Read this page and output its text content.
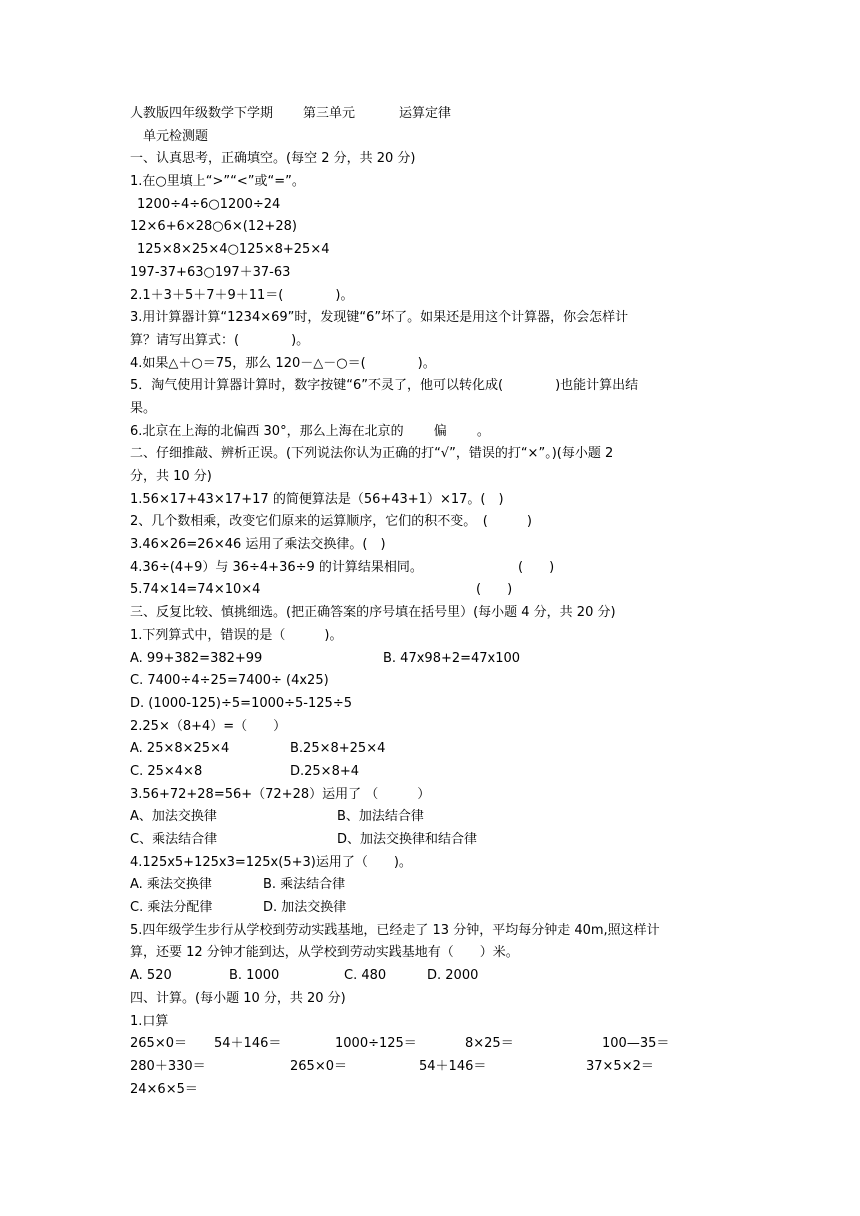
人教版四年级数学下学期 第三单元	运算定律
单元检测题
一、认真思考，正确填空。(每空 2 分，共 20 分)
1.在○里填上“>”“<”或“=”。
1200÷4÷6○1200÷24
12×6+6×28○6×(12+28)
125×8×25×4○125×8+25×4
197-37+63○197＋37-63
2.1＋3＋5＋7＋9＋11＝(　　　　)。
3.用计算器计算“1234×69”时，发现键“6”坏了。如果还是用这个计算器，你会怎样计
算？请写出算式：(　　　　)。
4.如果△＋○＝75，那么 120－△－○＝(　　　　)。
5．淘气使用计算器计算时，数字按键“6”不灵了，他可以转化成(　　　　)也能计算出结
果。
6.北京在上海的北偏西 30°，那么上海在北京的　　 偏　　 。
二、仔细推敲、辨析正误。(下列说法你认为正确的打“√”，错误的打“×”。)(每小题 2
分，共 10 分)
1.56×17+43×17+17 的简便算法是（56+43+1）×17。(　)
2、几个数相乘，改变它们原来的运算顺序，它们的积不变。　(　　　)
3.46×26=26×46 运用了乘法交换律。(　)
4.36÷(4+9）与 36÷4+36÷9 的计算结果相同。	(　　)
5.74×14=74×10×4	(　　)
三、反复比较、慎挑细选。(把正确答案的序号填在括号里）(每小题 4 分，共 20 分)
1.下列算式中，错误的是（　　　)。
A. 99+382=382+99	B. 47x98+2=47x100
C. 7400÷4÷25=7400÷ (4x25)
D. (1000-125)÷5=1000÷5-125÷5
2.25×（8+4）=（　　）
A. 25×8×25×4	B.25×8+25×4
C. 25×4×8	D.25×8+4
3.56+72+28=56+（72+28）运用了 （　　　）
A、加法交换律	B、加法结合律
C、乘法结合律	D、加法交换律和结合律
4.125x5+125x3=125x(5+3)运用了（　　)。
A. 乘法交换律	B. 乘法结合律
C. 乘法分配律	D. 加法交换律
5.四年级学生步行从学校到劳动实践基地，已经走了 13 分钟，平均每分钟走 40m,照这样计
算，还要 12 分钟才能到达，从学校到劳动实践基地有（　　）米。
A. 520	B. 1000	C. 480	D. 2000
四、计算。(每小题 10 分，共 20 分)
1.口算
265×0＝ 54＋146＝	1000÷125＝	8×25＝	100—35＝
280＋330＝	265×0＝	54＋146＝	37×5×2＝
24×6×5＝
